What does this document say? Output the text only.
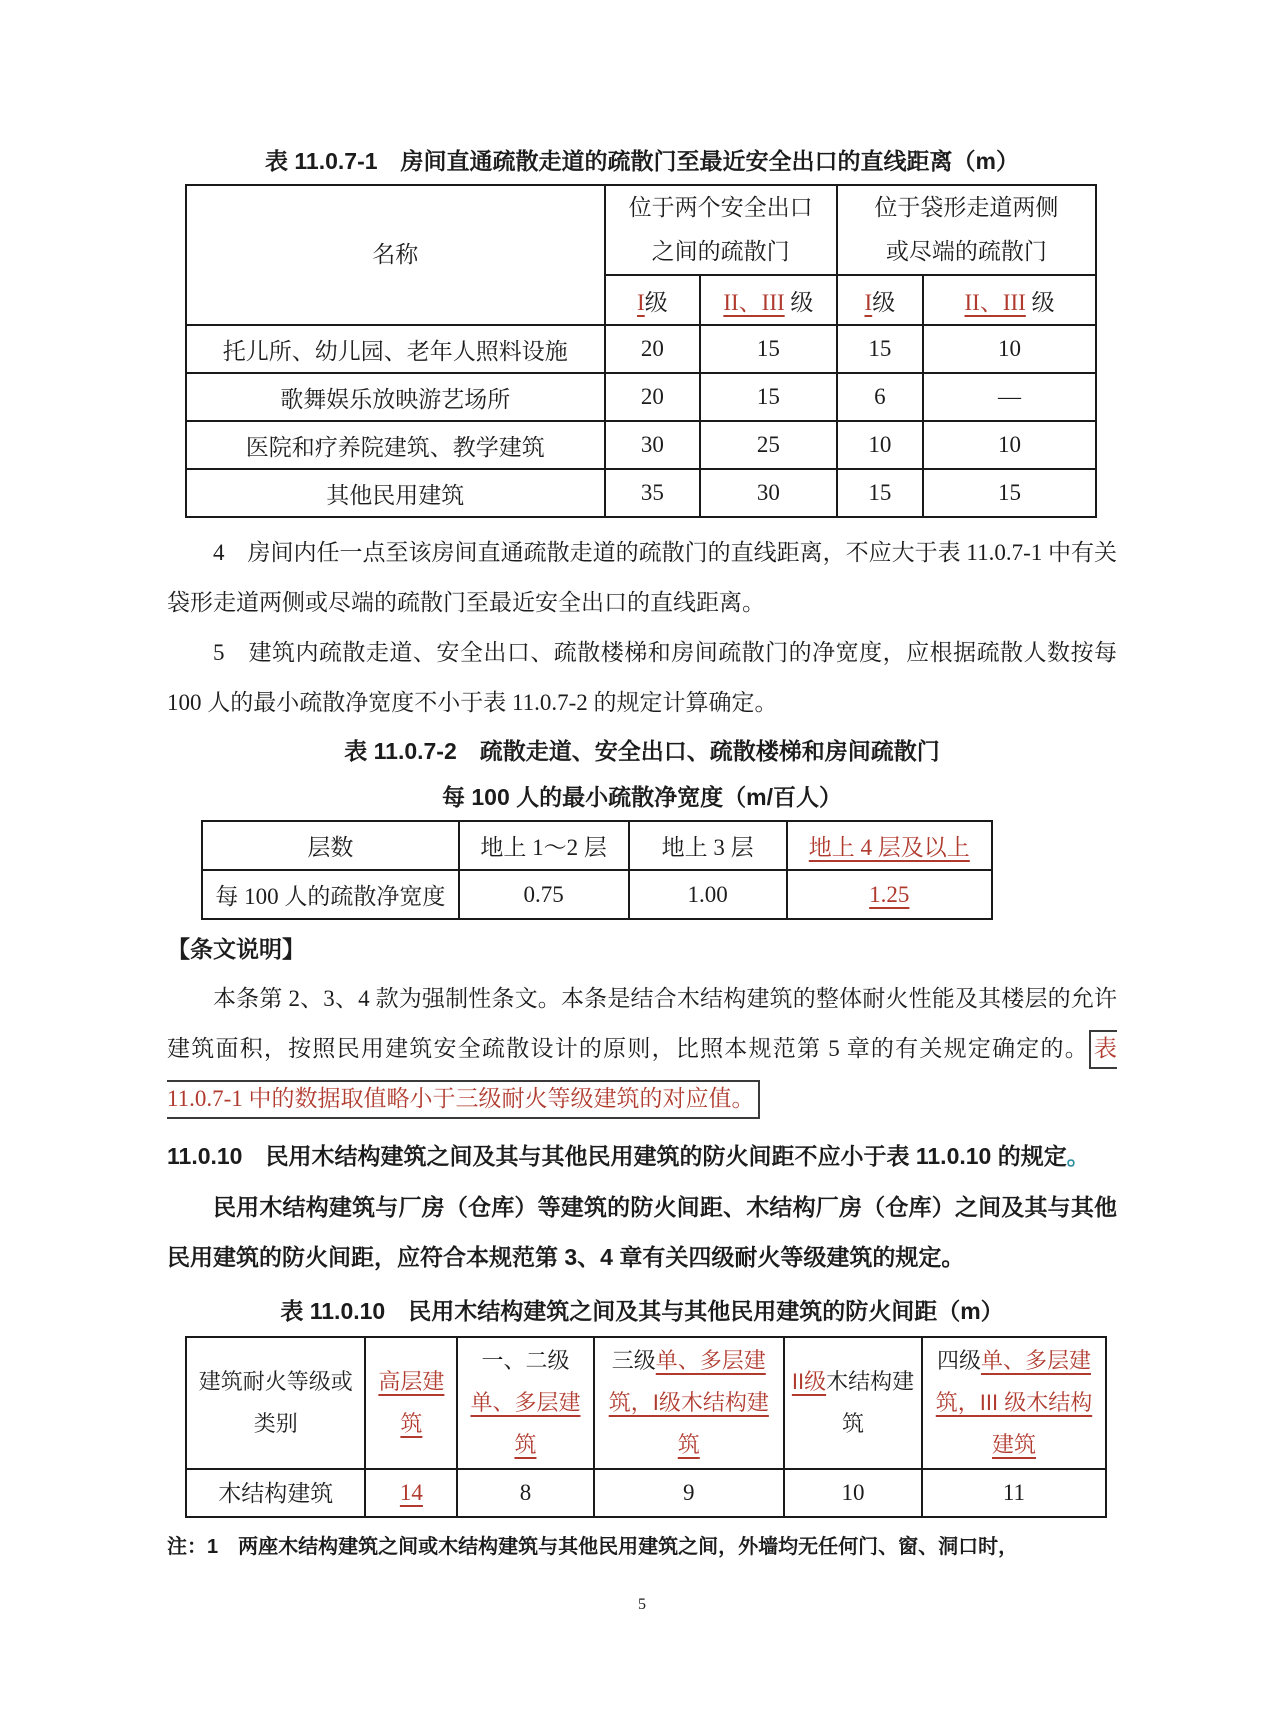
表 11.0.7-1　房间直通疏散走道的疏散门至最近安全出口的直线距离（m）
名称	
位于两个安全出口
之间的疏散门

位于袋形走道两侧
或尽端的疏散门

	I级	II、III 级	I级	II、III 级
托儿所、幼儿园、老年人照料设施	20	15	15	10
歌舞娱乐放映游艺场所	20	15	6	—
医院和疗养院建筑、教学建筑	30	25	10	10
其他民用建筑	35	30	15	15
4　房间内任一点至该房间直通疏散走道的疏散门的直线距离，不应大于表 11.0.7-1 中有关袋形走道两侧或尽端的疏散门至最近安全出口的直线距离。
5　建筑内疏散走道、安全出口、疏散楼梯和房间疏散门的净宽度，应根据疏散人数按每 100 人的最小疏散净宽度不小于表 11.0.7-2 的规定计算确定。
表 11.0.7-2　疏散走道、安全出口、疏散楼梯和房间疏散门
每 100 人的最小疏散净宽度（m/百人）
层数	地上 1～2 层	地上 3 层	地上 4 层及以上
每 100 人的疏散净宽度	0.75	1.00	1.25
【条文说明】
本条第 2、3、4 款为强制性条文。本条是结合木结构建筑的整体耐火性能及其楼层的允许建筑面积，按照民用建筑安全疏散设计的原则，比照本规范第 5 章的有关规定确定的。 表 11.0.7-1 中的数据取值略小于三级耐火等级建筑的对应值。
11.0.10　民用木结构建筑之间及其与其他民用建筑的防火间距不应小于表 11.0.10 的规定。
民用木结构建筑与厂房（仓库）等建筑的防火间距、木结构厂房（仓库）之间及其与其他民用建筑的防火间距，应符合本规范第 3、4 章有关四级耐火等级建筑的规定。
表 11.0.10　民用木结构建筑之间及其与其他民用建筑的防火间距（m）
建筑耐火等级或类别	高层建筑	一、二级单、多层建筑	三级单、多层建筑，I级木结构建筑	II级木结构建筑	四级单、多层建筑，III 级木结构建筑
木结构建筑	14	8	9	10	11
注：1　两座木结构建筑之间或木结构建筑与其他民用建筑之间，外墙均无任何门、窗、洞口时，
5
